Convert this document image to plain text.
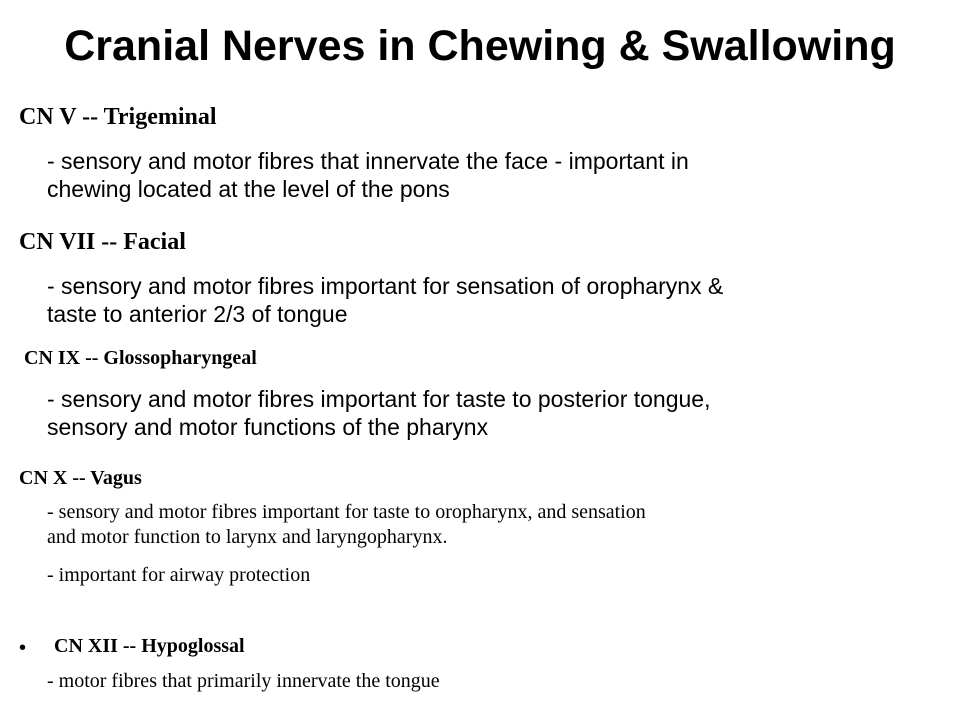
Cranial Nerves in Chewing & Swallowing
CN V -- Trigeminal
- sensory and motor fibres that innervate the face - important in
chewing located at the level of the pons
CN VII -- Facial
- sensory and motor fibres important for sensation of oropharynx &
taste to anterior 2/3 of tongue
CN IX -- Glossopharyngeal
- sensory and motor fibres important for taste to posterior tongue,
sensory and motor functions of the pharynx
CN X -- Vagus
- sensory and motor fibres important for taste to oropharynx, and sensation
and motor function to larynx and laryngopharynx.
- important for airway protection
• CN XII -- Hypoglossal
- motor fibres that primarily innervate the tongue
